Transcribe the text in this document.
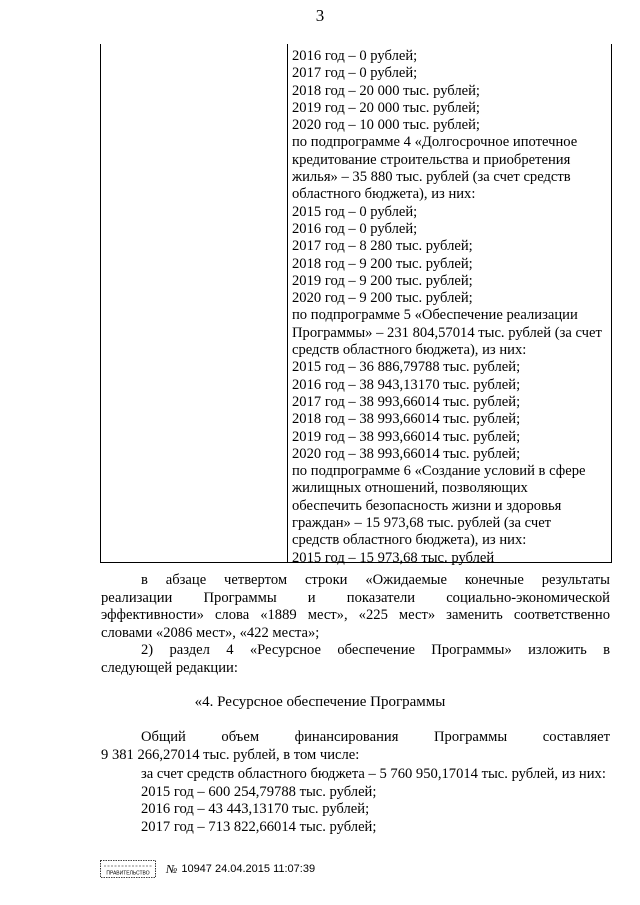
3
2016 год – 0 рублей;
2017 год – 0 рублей;
2018 год – 20 000 тыс. рублей;
2019 год – 20 000 тыс. рублей;
2020 год – 10 000 тыс. рублей;
по подпрограмме 4 «Долгосрочное ипотечное
кредитование строительства и приобретения
жилья» – 35 880 тыс. рублей (за счет средств
областного бюджета), из них:
2015 год – 0 рублей;
2016 год – 0 рублей;
2017 год – 8 280 тыс. рублей;
2018 год – 9 200 тыс. рублей;
2019 год – 9 200 тыс. рублей;
2020 год – 9 200 тыс. рублей;
по подпрограмме 5 «Обеспечение реализации
Программы» – 231 804,57014 тыс. рублей (за счет
средств областного бюджета), из них:
2015 год – 36 886,79788 тыс. рублей;
2016 год – 38 943,13170 тыс. рублей;
2017 год – 38 993,66014 тыс. рублей;
2018 год – 38 993,66014 тыс. рублей;
2019 год – 38 993,66014 тыс. рублей;
2020 год – 38 993,66014 тыс. рублей;
по подпрограмме 6 «Создание условий в сфере
жилищных отношений, позволяющих
обеспечить безопасность жизни и здоровья
граждан» – 15 973,68 тыс. рублей (за счет
средств областного бюджета), из них:
2015 год – 15 973,68 тыс. рублей
в абзаце четвертом строки «Ожидаемые конечные результаты
реализации Программы и показатели социально-экономической
эффективности» слова «1889 мест», «225 мест» заменить соответственно
словами «2086 мест», «422 места»;
2) раздел 4 «Ресурсное обеспечение Программы» изложить в
следующей редакции:
«4. Ресурсное обеспечение Программы
Общий объем финансирования Программы составляет
9 381 266,27014 тыс. рублей, в том числе:
за счет средств областного бюджета – 5 760 950,17014 тыс. рублей, из них:
2015 год – 600 254,79788 тыс. рублей;
2016 год – 43 443,13170 тыс. рублей;
2017 год – 713 822,66014 тыс. рублей;
ПРАВИТЕЛЬСТВО № 10947 24.04.2015 11:07:39
